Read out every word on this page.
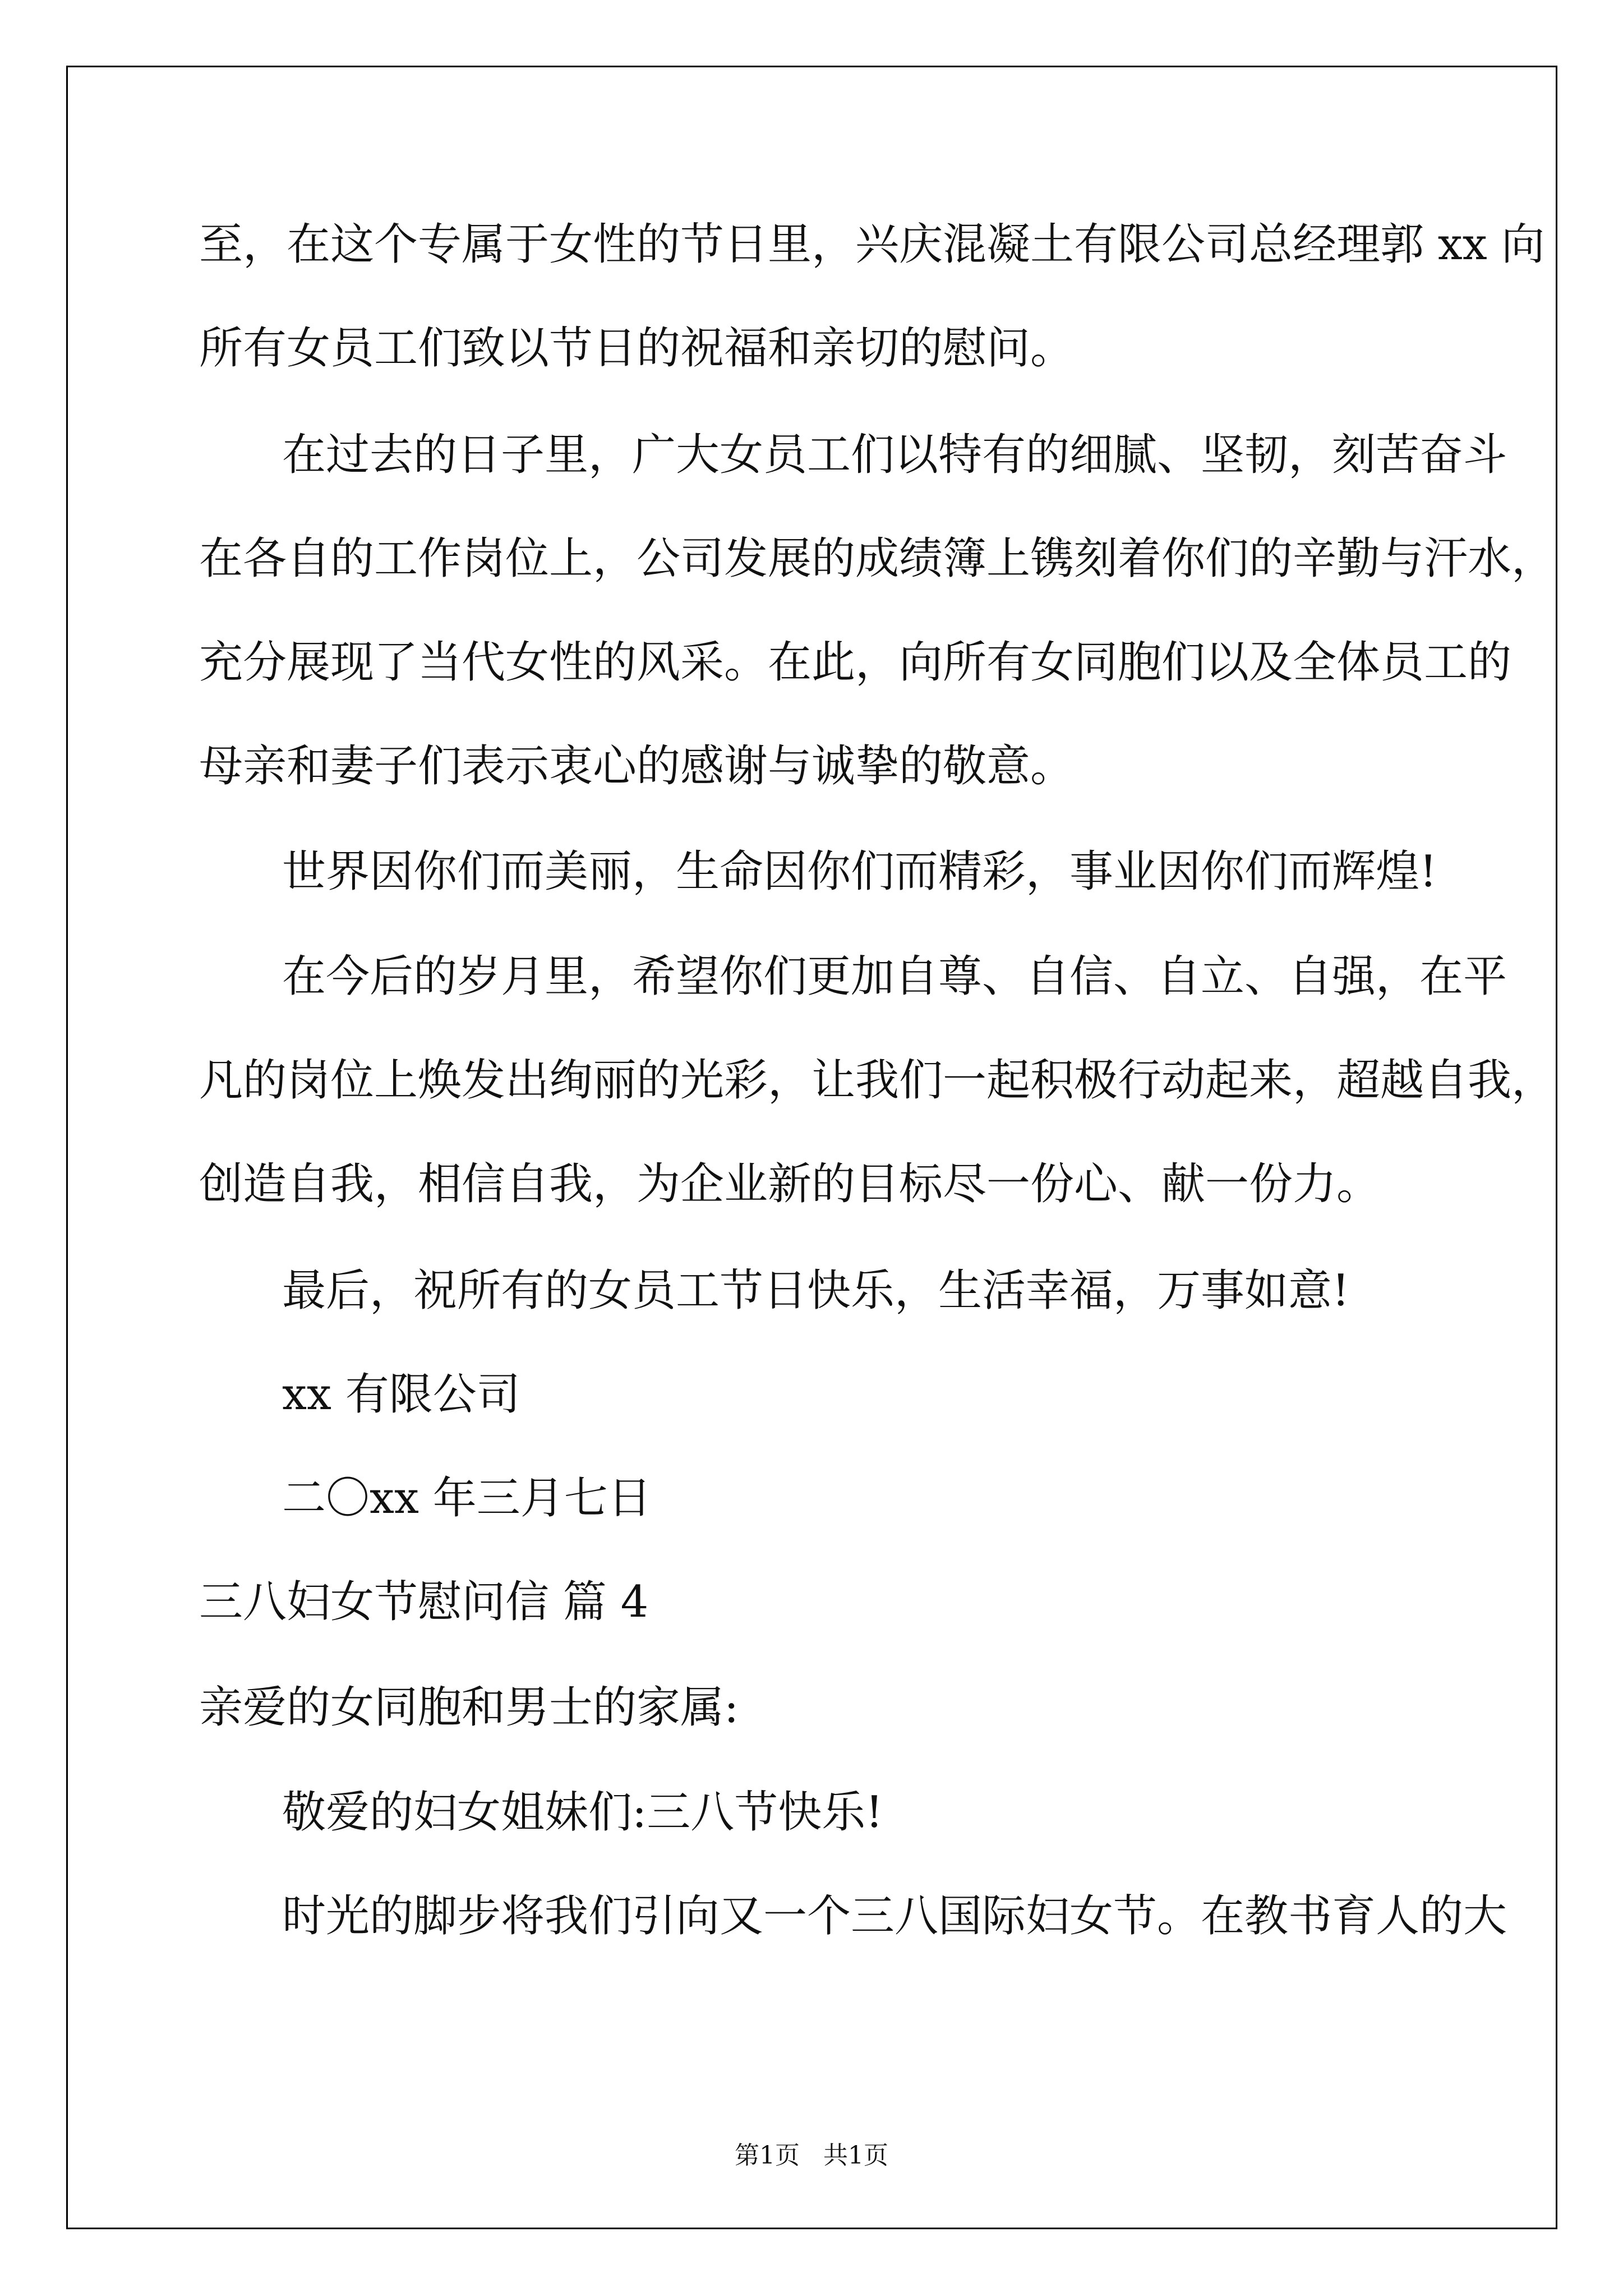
至，在这个专属于女性的节日里，兴庆混凝土有限公司总经理郭 xx 向
所有女员工们致以节日的祝福和亲切的慰问。
在过去的日子里，广大女员工们以特有的细腻、坚韧，刻苦奋斗
在各自的工作岗位上，公司发展的成绩簿上镌刻着你们的辛勤与汗水，
充分展现了当代女性的风采。在此，向所有女同胞们以及全体员工的
母亲和妻子们表示衷心的感谢与诚挚的敬意。
世界因你们而美丽，生命因你们而精彩，事业因你们而辉煌!
在今后的岁月里，希望你们更加自尊、自信、自立、自强，在平
凡的岗位上焕发出绚丽的光彩，让我们一起积极行动起来，超越自我，
创造自我，相信自我，为企业新的目标尽一份心、献一份力。
最后，祝所有的女员工节日快乐，生活幸福，万事如意!
xx 有限公司
二〇xx 年三月七日
三八妇女节慰问信 篇 4
亲爱的女同胞和男士的家属:
敬爱的妇女姐妹们:三八节快乐!
时光的脚步将我们引向又一个三八国际妇女节。在教书育人的大
第1页   共1页
